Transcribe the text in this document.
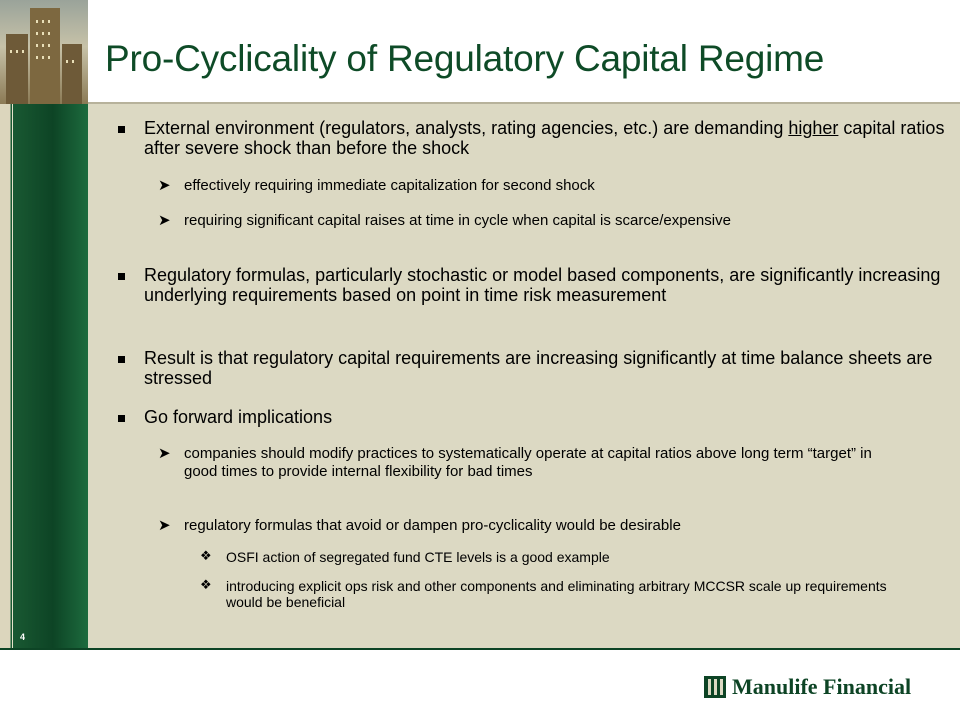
4
Pro-Cyclicality of Regulatory Capital Regime
External environment (regulators, analysts, rating agencies, etc.) are demanding higher capital ratios after severe shock than before the shock
➤ effectively requiring immediate capitalization for second shock
➤ requiring significant capital raises at time in cycle when capital is scarce/expensive
Regulatory formulas, particularly stochastic or model based components, are significantly increasing underlying requirements based on point in time risk measurement
Result is that regulatory capital requirements are increasing significantly at time balance sheets are stressed
Go forward implications
➤ companies should modify practices to systematically operate at capital ratios above long term “target” in good times to provide internal flexibility for bad times
➤ regulatory formulas that avoid or dampen pro-cyclicality would be desirable
❖ OSFI action of segregated fund CTE levels is a good example
❖ introducing explicit ops risk and other components and eliminating arbitrary MCCSR scale up requirements would be beneficial
Manulife Financial
